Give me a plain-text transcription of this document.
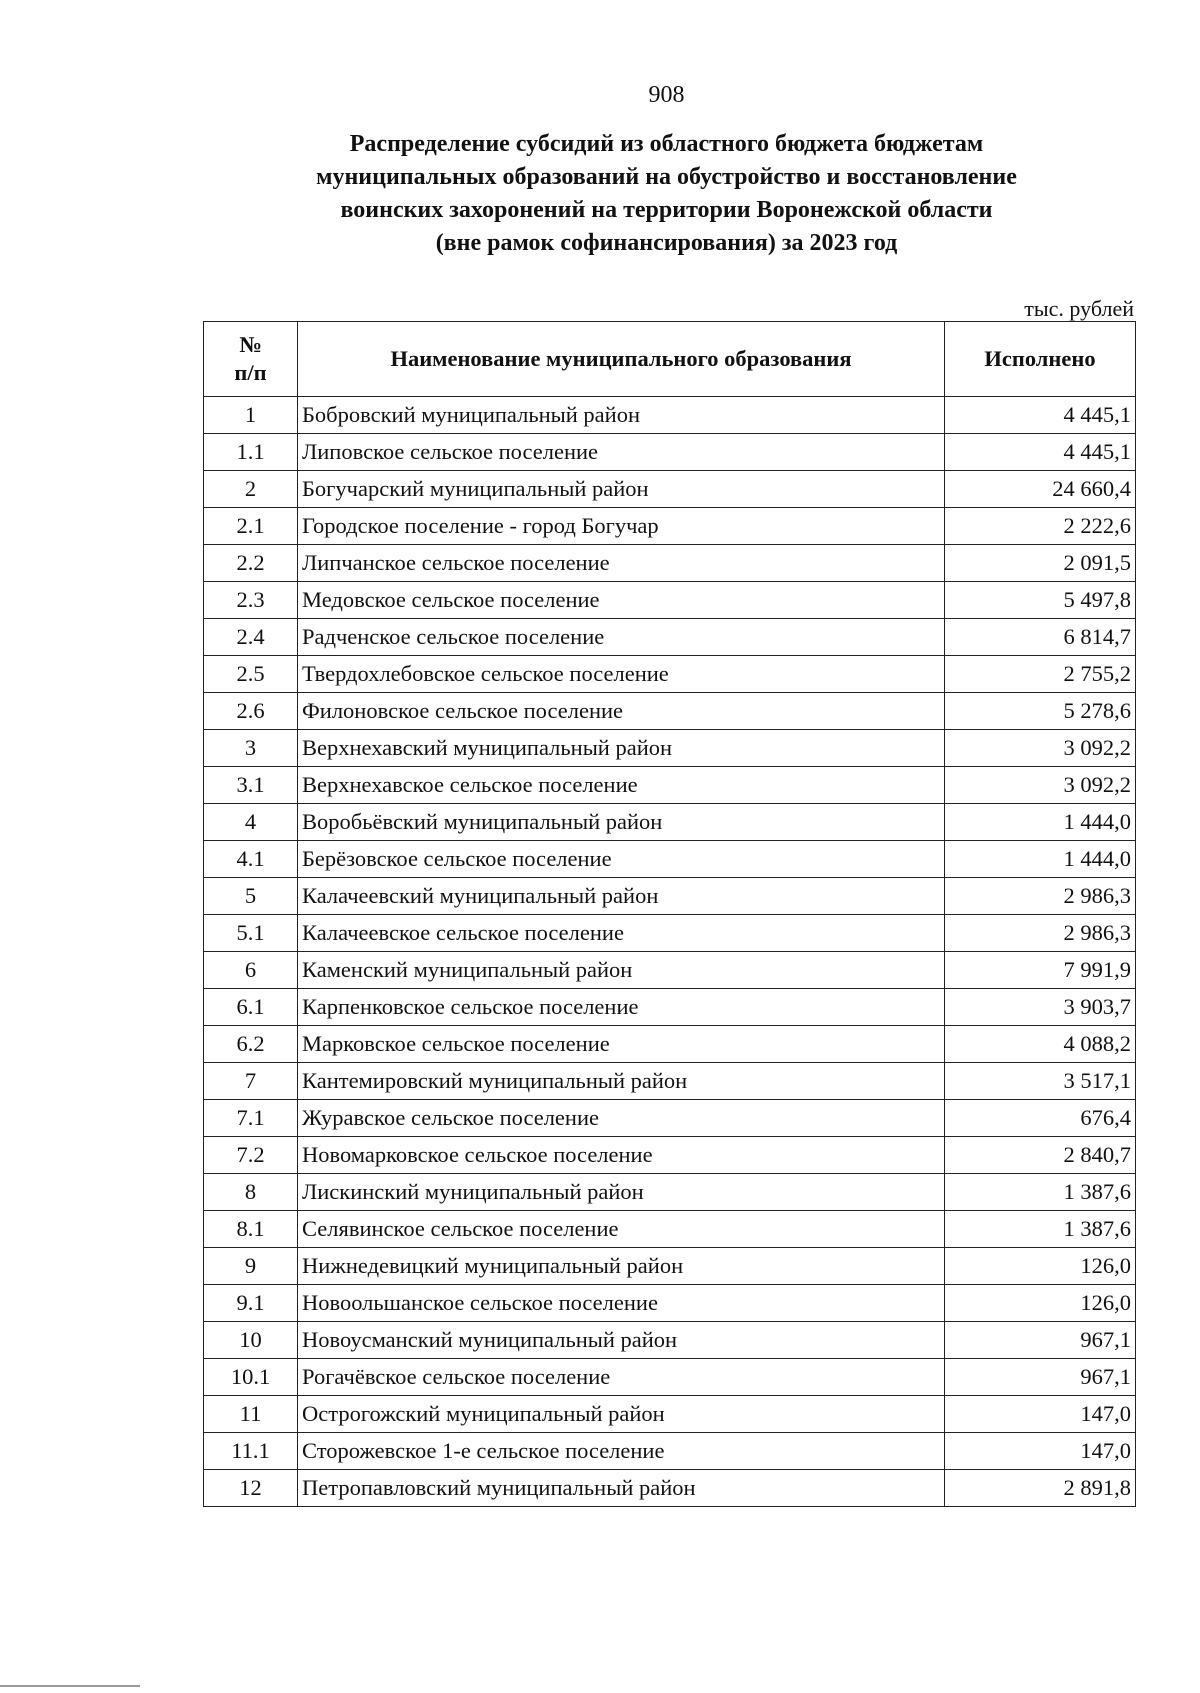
908
Распределение субсидий из областного бюджета бюджетам
муниципальных образований на обустройство и восстановление
воинских захоронений на территории Воронежской области
(вне рамок софинансирования) за 2023 год
тыс. рублей
№
п/п	Наименование муниципального образования	Исполнено
1	Бобровский муниципальный район	4 445,1
1.1	Липовское сельское поселение	4 445,1
2	Богучарский муниципальный район	24 660,4
2.1	Городское поселение - город Богучар	2 222,6
2.2	Липчанское сельское поселение	2 091,5
2.3	Медовское сельское поселение	5 497,8
2.4	Радченское сельское поселение	6 814,7
2.5	Твердохлебовское сельское поселение	2 755,2
2.6	Филоновское сельское поселение	5 278,6
3	Верхнехавский муниципальный район	3 092,2
3.1	Верхнехавское сельское поселение	3 092,2
4	Воробьёвский муниципальный район	1 444,0
4.1	Берёзовское сельское поселение	1 444,0
5	Калачеевский муниципальный район	2 986,3
5.1	Калачеевское сельское поселение	2 986,3
6	Каменский муниципальный район	7 991,9
6.1	Карпенковское сельское поселение	3 903,7
6.2	Марковское сельское поселение	4 088,2
7	Кантемировский муниципальный район	3 517,1
7.1	Журавское сельское поселение	676,4
7.2	Новомарковское сельское поселение	2 840,7
8	Лискинский муниципальный район	1 387,6
8.1	Селявинское сельское поселение	1 387,6
9	Нижнедевицкий муниципальный район	126,0
9.1	Новоольшанское сельское поселение	126,0
10	Новоусманский муниципальный район	967,1
10.1	Рогачёвское сельское поселение	967,1
11	Острогожский муниципальный район	147,0
11.1	Сторожевское 1-е сельское поселение	147,0
12	Петропавловский муниципальный район	2 891,8
